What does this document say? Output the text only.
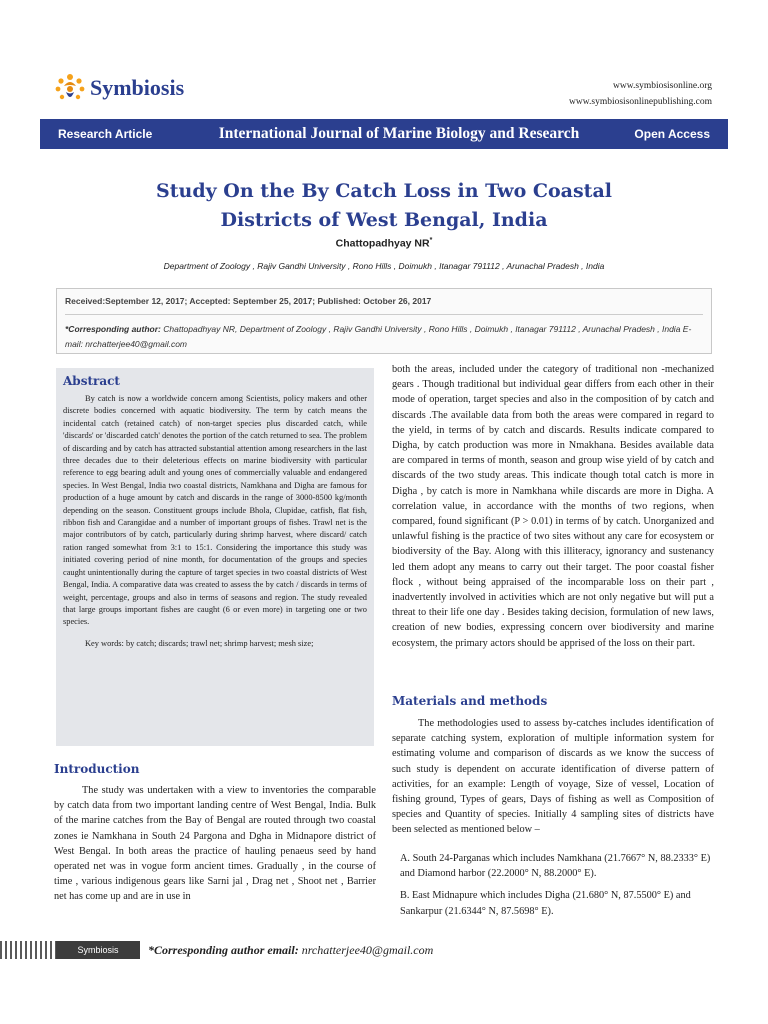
Symbiosis	www.symbiosisonline.org
www.symbiosisonlinepublishing.com
Research Article	International Journal of Marine Biology and Research	Open Access
Study On the By Catch Loss in Two Coastal
Districts of West Bengal, India
Chattopadhyay NR*
Department of Zoology , Rajiv Gandhi University , Rono Hills , Doimukh , Itanagar 791112 , Arunachal Pradesh , India
Received:September 12, 2017; Accepted: September 25, 2017; Published: October 26, 2017
*Corresponding author: Chattopadhyay NR, Department of Zoology , Rajiv Gandhi University , Rono Hills , Doimukh , Itanagar 791112 , Arunachal Pradesh , India E-mail: nrchatterjee40@gmail.com
Abstract

By catch is now a worldwide concern among Scientists, policy makers and other discrete bodies concerned with aquatic biodiversity. The term by catch means the incidental catch (retained catch) of non-target species plus discarded catch, while 'discards' or 'discarded catch' denotes the portion of the catch returned to sea. The problem of discarding and by catch has attracted substantial attention among researchers in the last three decades due to their deleterious effects on marine biodiversity with particular reference to egg bearing adult and young ones of commercially valuable and endangered species. In West Bengal, India two coastal districts, Namkhana and Digha are famous for production of a huge amount by catch and discards in the range of 3000-8500 kg/month depending on the season. Constituent groups include Bhola, Clupidae, catfish, flat fish, ribbon fish and Carangidae and a number of important groups of fishes. Trawl net is the major contributors of by catch, particularly during shrimp harvest, where discard/ catch ration ranged somewhat from 3:1 to 15:1. Considering the importance this study was initiated covering period of nine month, for documentation of the groups and species caught unintentionally during the capture of target species in two coastal districts of West Bengal, India. A comparative data was created to assess the by catch / discards in terms of weight, percentage, groups and also in terms of seasons and region. The study revealed that large groups important fishes are caught (6 or even more) in targeting one or two species.

Key words: by catch; discards; trawl net; shrimp harvest; mesh size;

Introduction
The study was undertaken with a view to inventories the comparable by catch data from two important landing centre of West Bengal, India. Bulk of the marine catches from the Bay of Bengal are routed through two coastal zones ie Namkhana in South 24 Pargona and Dgha in Midnapore district of West Bengal. In both areas the practice of hauling penaeus seed by hand operated net was in vogue form ancient times. Gradually , in the course of time , various indigenous gears like Sarni jal , Drag net , Shoot net , Barrier net has come up and are in use in
both the areas, included under the category of traditional non -mechanized gears . Though traditional but individual gear differs from each other in their mode of operation, target species and also in the composition of by catch and discards .The available data from both the areas were compared in regard to the yield, in terms of by catch and discards. Results indicate compared to Digha, by catch production was more in Nmakhana. Besides available data are compared in terms of month, season and group wise yield of by catch and discards of the two study areas. This indicate though total catch is more in Digha , by catch is more in Namkhana while discards are more in Digha. A correlation value, in accordance with the months of two regions, when compared, found significant (P > 0.01) in terms of by catch. Unorganized and unlawful fishing is the practice of two sites without any care for ecosystem or biodiversity of the Bay. Along with this illiteracy, ignorancy and sustenancy led them adopt any means to carry out their target. The poor coastal fisher flock , without being appraised of the incomparable loss on their part , inadvertently involved in activities which are not only negative but will put a threat to their life one day . Besides taking decision, formulation of new laws, creation of new bodies, expressing concern over biodiversity and marine ecosystem, the primary actors should be apprised of the loss on their part.
Materials and methods
The methodologies used to assess by-catches includes identification of separate catching system, exploration of multiple information system for estimating volume and comparison of discards as we know the success of such study is dependent on accurate identification of diverse pattern of activities, for an example: Length of voyage, Size of vessel, Location of fishing ground, Types of gears, Days of fishing as well as Composition of species and Quantity of species. Initially 4 sampling sites of districts have been selected as mentioned below –
A. South 24-Parganas which includes Namkhana (21.7667° N, 88.2333° E) and Diamond harbor (22.2000° N, 88.2000° E).
B. East Midnapure which includes Digha (21.680° N, 87.5500° E) and Sankarpur (21.6344° N, 87.5698° E).
Symbiosis Group
*Corresponding author email: nrchatterjee40@gmail.com
